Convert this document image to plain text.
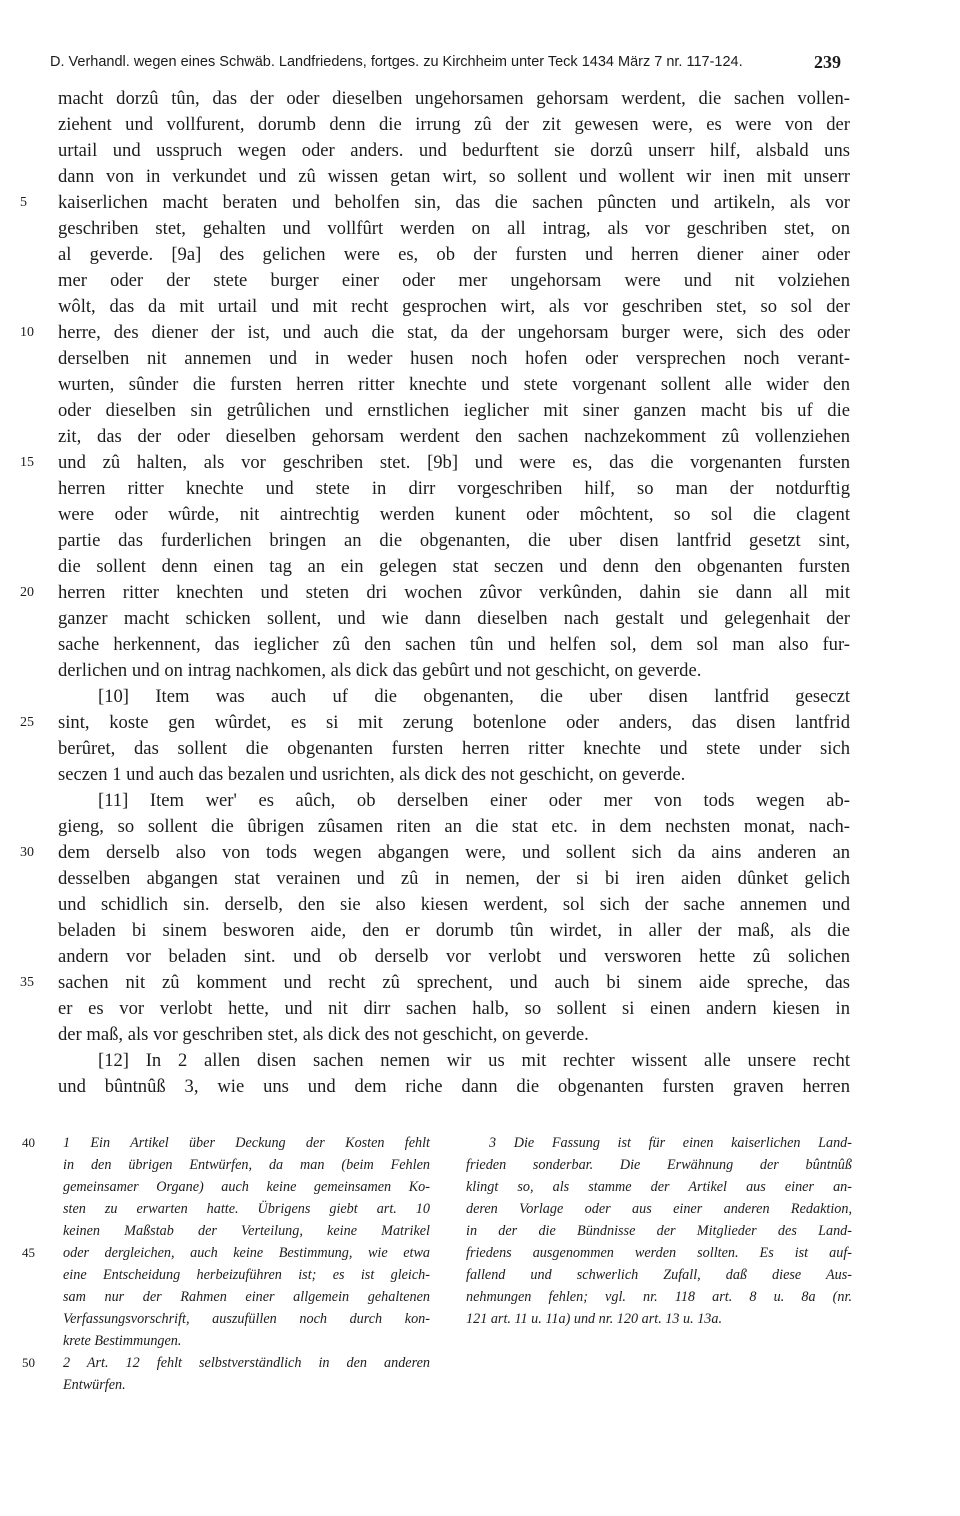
D. Verhandl. wegen eines Schwäb. Landfriedens, fortges. zu Kirchheim unter Teck 1434 März 7 nr. 117-124.	239
macht dorzû tûn, das der oder dieselben ungehorsamen gehorsam werdent, die sachen vollen-
ziehent und vollfurent, dorumb denn die irrung zû der zit gewesen were, es were von der
urtail und usspruch wegen oder anders. und bedurftent sie dorzû unserr hilf, alsbald uns
dann von in verkundet und zû wissen getan wirt, so sollent und wollent wir inen mit unserr
5	kaiserlichen macht beraten und beholfen sin, das die sachen pûncten und artikeln, als vor
geschriben stet, gehalten und vollfûrt werden on all intrag, als vor geschriben stet, on
al geverde. [9a] des gelichen were es, ob der fursten und herren diener ainer oder
mer oder der stete burger einer oder mer ungehorsam were und nit volziehen
wôlt, das da mit urtail und mit recht gesprochen wirt, als vor geschriben stet, so sol der
10	herre, des diener der ist, und auch die stat, da der ungehorsam burger were, sich des oder
derselben nit annemen und in weder husen noch hofen oder versprechen noch verant-
wurten, sûnder die fursten herren ritter knechte und stete vorgenant sollent alle wider den
oder dieselben sin getrûlichen und ernstlichen ieglicher mit siner ganzen macht bis uf die
zit, das der oder dieselben gehorsam werdent den sachen nachzekomment zû vollenziehen
15	und zû halten, als vor geschriben stet. [9b] und were es, das die vorgenanten fursten
herren ritter knechte und stete in dirr vorgeschriben hilf, so man der notdurftig
were oder wûrde, nit aintrechtig werden kunent oder môchtent, so sol die clagent
partie das furderlichen bringen an die obgenanten, die uber disen lantfrid gesetzt sint,
die sollent denn einen tag an ein gelegen stat seczen und denn den obgenanten fursten
20	herren ritter knechten und steten dri wochen zûvor verkûnden, dahin sie dann all mit
ganzer macht schicken sollent, und wie dann dieselben nach gestalt und gelegenhait der
sache herkennent, das ieglicher zû den sachen tûn und helfen sol, dem sol man also fur-
derlichen und on intrag nachkomen, als dick das gebûrt und not geschicht, on geverde.
[10] Item was auch uf die obgenanten, die uber disen lantfrid geseczt
25	sint, koste gen wûrdet, es si mit zerung botenlone oder anders, das disen lantfrid
berûret, das sollent die obgenanten fursten herren ritter knechte und stete under sich
seczen 1 und auch das bezalen und usrichten, als dick des not geschicht, on geverde.
[11] Item wer' es aûch, ob derselben einer oder mer von tods wegen ab-
gieng, so sollent die ûbrigen zûsamen riten an die stat etc. in dem nechsten monat, nach-
30	dem derselb also von tods wegen abgangen were, und sollent sich da ains anderen an
desselben abgangen stat verainen und zû in nemen, der si bi iren aiden dûnket gelich
und schidlich sin. derselb, den sie also kiesen werdent, sol sich der sache annemen und
beladen bi sinem besworen aide, den er dorumb tûn wirdet, in aller der maß, als die
andern vor beladen sint. und ob derselb vor verlobt und versworen hette zû solichen
35	sachen nit zû komment und recht zû sprechent, und auch bi sinem aide spreche, das
er es vor verlobt hette, und nit dirr sachen halb, so sollent si einen andern kiesen in
der maß, als vor geschriben stet, als dick des not geschicht, on geverde.
[12] In 2 allen disen sachen nemen wir us mit rechter wissent alle unsere recht
und bûntnûß 3, wie uns und dem riche dann die obgenanten fursten graven herren
40 1 Ein Artikel über Deckung der Kosten fehlt
in den übrigen Entwürfen, da man (beim Fehlen
gemeinsamer Organe) auch keine gemeinsamen Ko-
sten zu erwarten hatte. Übrigens giebt art. 10
keinen Maßstab der Verteilung, keine Matrikel
45 oder dergleichen, auch keine Bestimmung, wie etwa
eine Entscheidung herbeizuführen ist; es ist gleich-
sam nur der Rahmen einer allgemein gehaltenen
Verfassungsvorschrift, auszufüllen noch durch kon-
krete Bestimmungen.
50 2 Art. 12 fehlt selbstverständlich in den anderen
Entwürfen.
3 Die Fassung ist für einen kaiserlichen Land-
frieden sonderbar. Die Erwähnung der bûntnûß
klingt so, als stamme der Artikel aus einer an-
deren Vorlage oder aus einer anderen Redaktion,
in der die Bündnisse der Mitglieder des Land-
friedens ausgenommen werden sollten. Es ist auf-
fallend und schwerlich Zufall, daß diese Aus-
nehmungen fehlen; vgl. nr. 118 art. 8 u. 8a (nr.
121 art. 11 u. 11a) und nr. 120 art. 13 u. 13a.
